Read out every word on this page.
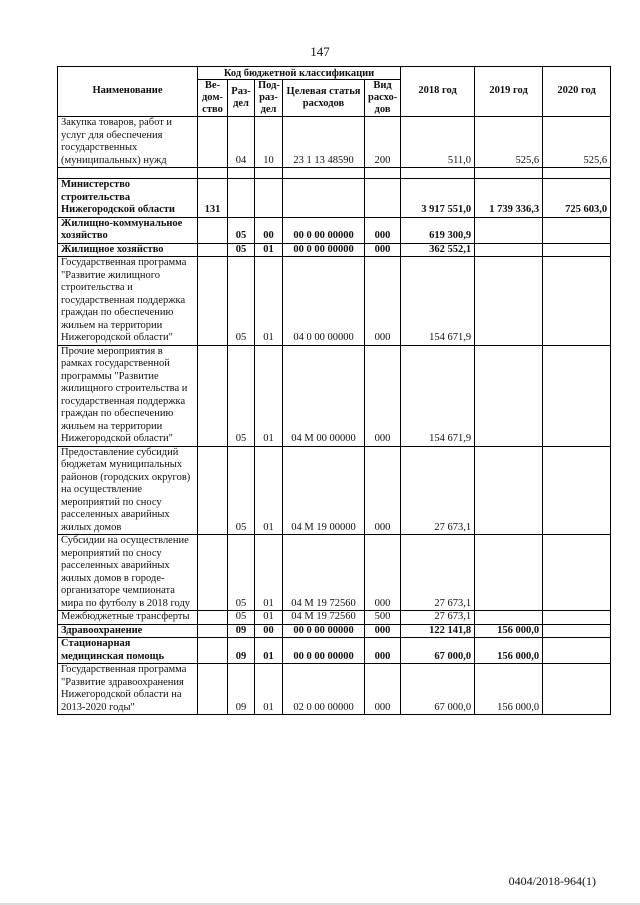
147
Наименование	Код бюджетной классификации					2018 год	2019 год	2020 год
	Ве- дом- ство	Раз- дел	Под- раз- дел	Целевая статья расходов	Вид расхо- дов			
Закупка товаров, работ и услуг для обеспечения государственных (муниципальных) нужд		04	10	23 1 13 48590	200	511,0	525,6	525,6

Министерство строительства Нижегородской области	131					3 917 551,0	1 739 336,3	725 603,0
Жилищно-коммунальное хозяйство		05	00	00 0 00 00000	000	619 300,9		
Жилищное хозяйство		05	01	00 0 00 00000	000	362 552,1		
Государственная программа "Развитие жилищного строительства и государственная поддержка граждан по обеспечению жильем на территории Нижегородской области"		05	01	04 0 00 00000	000	154 671,9		
Прочие мероприятия в рамках государственной программы "Развитие жилищного строительства и государственная поддержка граждан по обеспечению жильем на территории Нижегородской области"		05	01	04 М 00 00000	000	154 671,9		
Предоставление субсидий бюджетам муниципальных районов (городских округов) на осуществление мероприятий по сносу расселенных аварийных жилых домов		05	01	04 М 19 00000	000	27 673,1		
Субсидии на осуществление мероприятий по сносу расселенных аварийных жилых домов в городе-организаторе чемпионата мира по футболу в 2018 году		05	01	04 М 19 72560	000	27 673,1		
Межбюджетные трансферты		05	01	04 М 19 72560	500	27 673,1		
Здравоохранение		09	00	00 0 00 00000	000	122 141,8	156 000,0	
Стационарная медицинская помощь		09	01	00 0 00 00000	000	67 000,0	156 000,0	
Государственная программа "Развитие здравоохранения Нижегородской области на 2013-2020 годы"		09	01	02 0 00 00000	000	67 000,0	156 000,0	
0404/2018-964(1)
